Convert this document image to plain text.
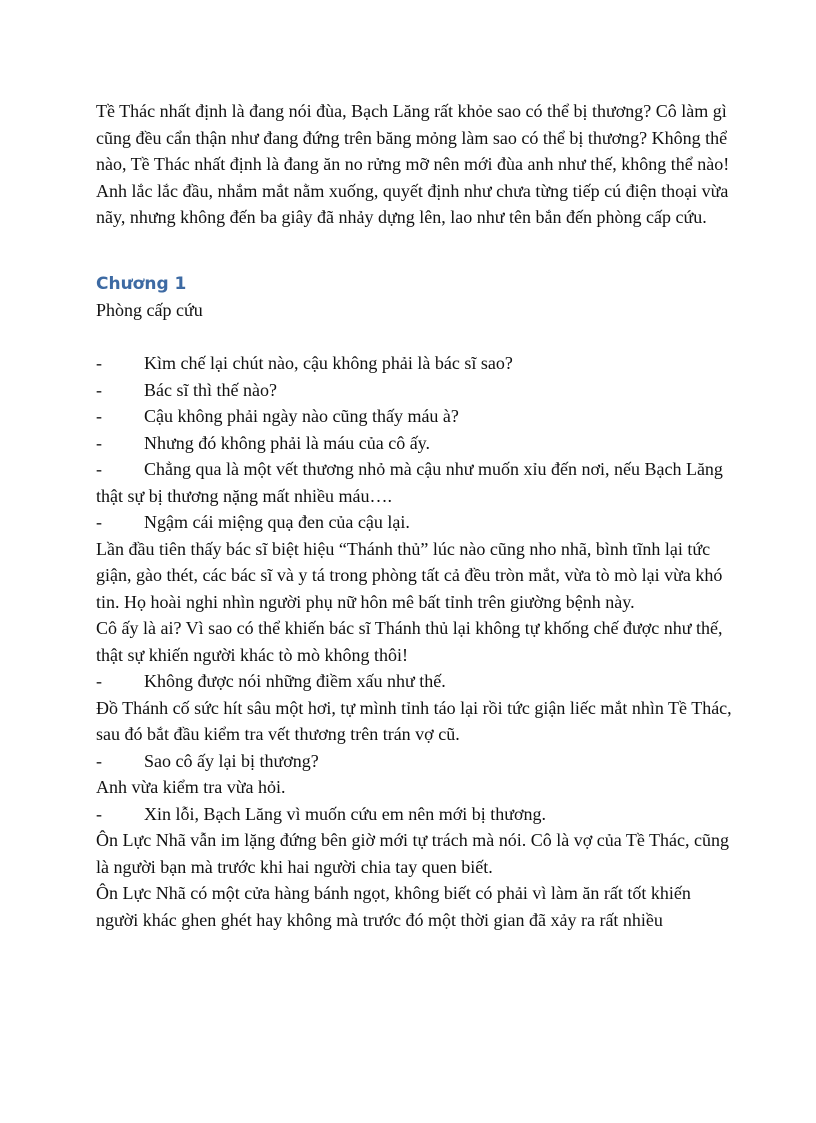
Tề Thác nhất định là đang nói đùa, Bạch Lăng rất khỏe sao có thể bị thương? Cô làm gì cũng đều cẩn thận như đang đứng trên băng mỏng làm sao có thể bị thương? Không thể nào, Tề Thác nhất định là đang ăn no rửng mỡ nên mới đùa anh như thế, không thể nào!

Anh lắc lắc đầu, nhắm mắt nằm xuống, quyết định như chưa từng tiếp cú điện thoại vừa nãy, nhưng không đến ba giây đã nhảy dựng lên, lao như tên bắn đến phòng cấp cứu.

Chương 1

Phòng cấp cứu

-	Kìm chế lại chút nào, cậu không phải là bác sĩ sao?
-	Bác sĩ thì thế nào?
-	Cậu không phải ngày nào cũng thấy máu à?
-	Nhưng đó không phải là máu của cô ấy.

- Chẳng qua là một vết thương nhỏ mà cậu như muốn xỉu đến nơi, nếu Bạch Lăng thật sự bị thương nặng mất nhiều máu….

-	Ngậm cái miệng quạ đen của cậu lại.

Lần đầu tiên thấy bác sĩ biệt hiệu “Thánh thủ” lúc nào cũng nho nhã, bình tĩnh lại tức giận, gào thét, các bác sĩ và y tá trong phòng tất cả đều tròn mắt, vừa tò mò lại vừa khó tin. Họ hoài nghi nhìn người phụ nữ hôn mê bất tỉnh trên giường bệnh này.

Cô ấy là ai? Vì sao có thể khiến bác sĩ Thánh thủ lại không tự khống chế được như thế, thật sự khiến người khác tò mò không thôi!

-	Không được nói những điềm xấu như thế.

Đồ Thánh cố sức hít sâu một hơi, tự mình tỉnh táo lại rồi tức giận liếc mắt nhìn Tề Thác, sau đó bắt đầu kiểm tra vết thương trên trán vợ cũ.

-	Sao cô ấy lại bị thương?

Anh vừa kiểm tra vừa hỏi.

-	Xin lỗi, Bạch Lăng vì muốn cứu em nên mới bị thương.

Ôn Lực Nhã vẫn im lặng đứng bên giờ mới tự trách mà nói. Cô là vợ của Tề Thác, cũng là người bạn mà trước khi hai người chia tay quen biết.

Ôn Lực Nhã có một cửa hàng bánh ngọt, không biết có phải vì làm ăn rất tốt khiến người khác ghen ghét hay không mà trước đó một thời gian đã xảy ra rất nhiều
